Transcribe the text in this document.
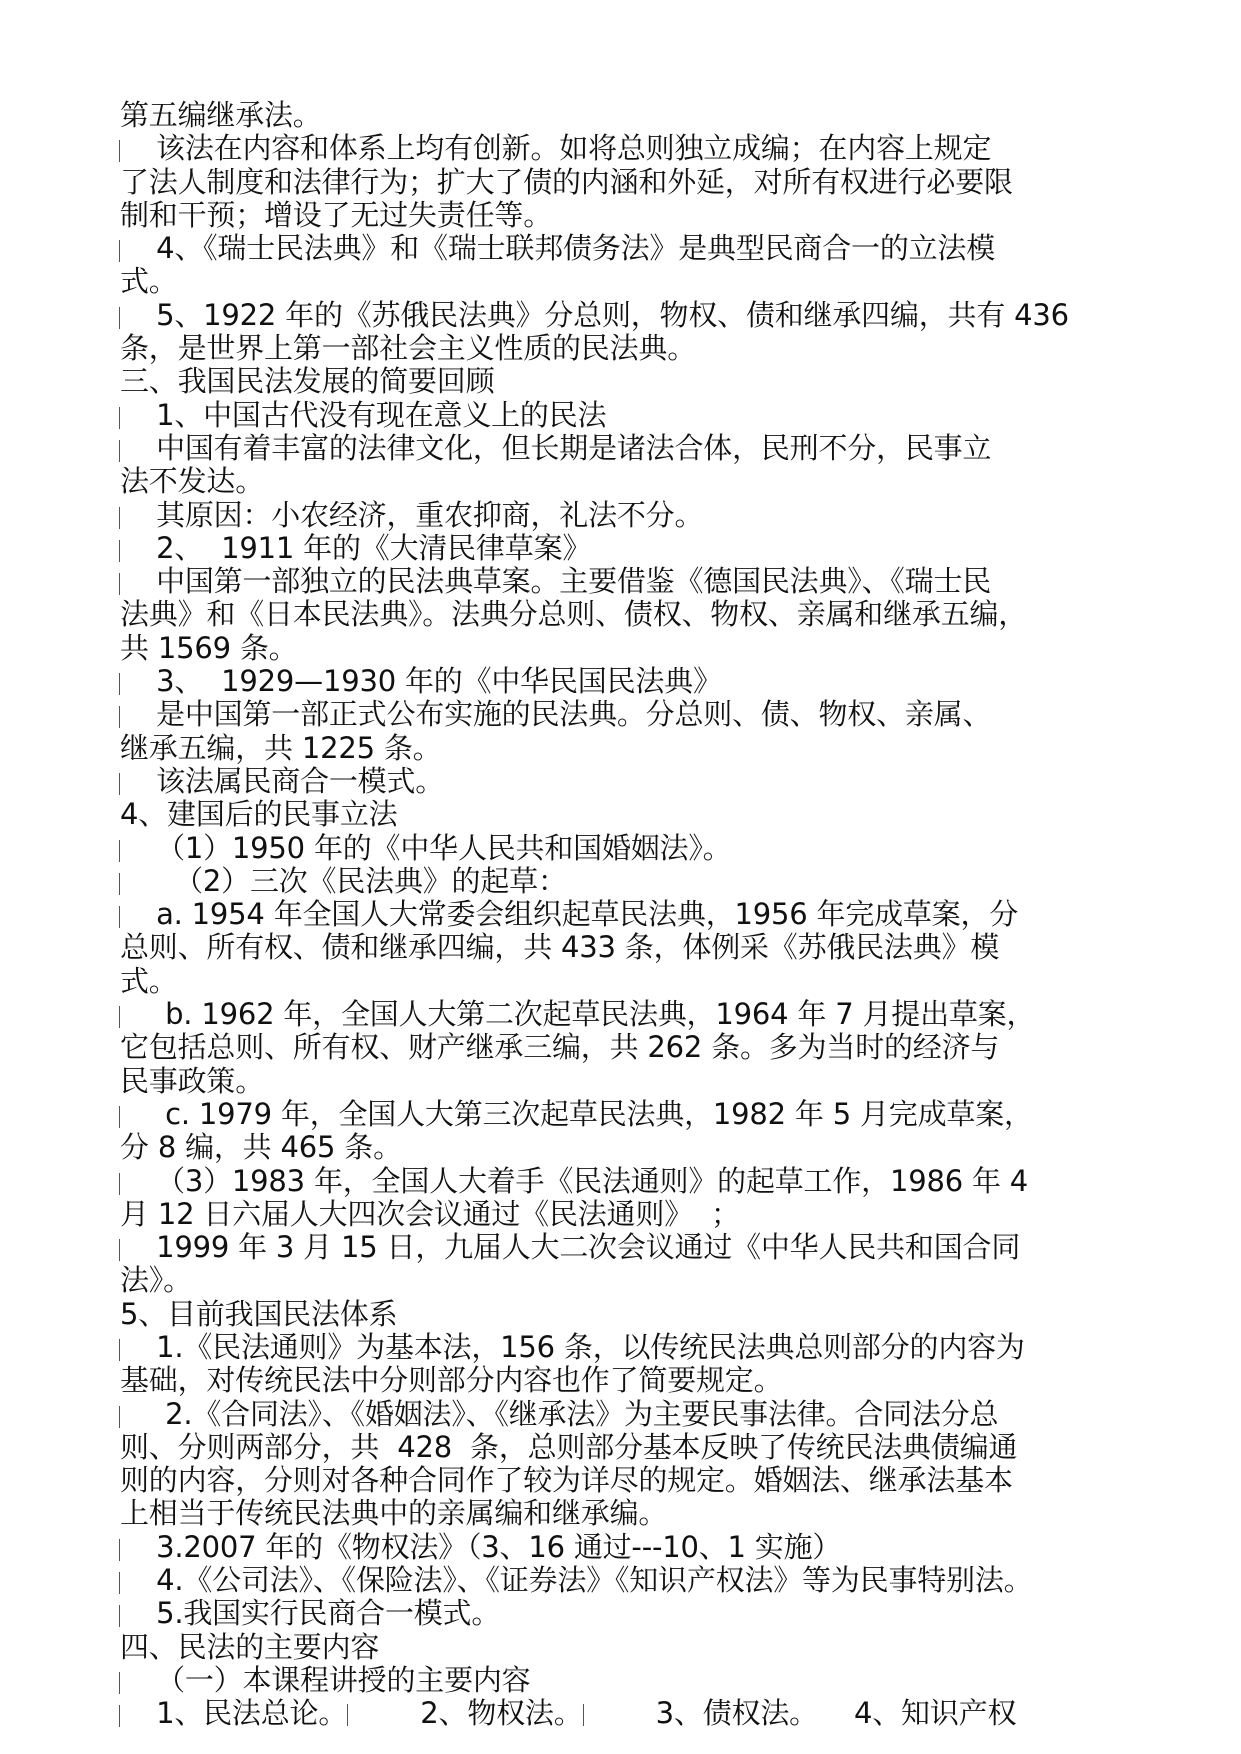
第五编继承法。
该法在内容和体系上均有创新。如将总则独立成编；在内容上规定
了法人制度和法律行为；扩大了债的内涵和外延，对所有权进行必要限
制和干预；增设了无过失责任等。
4、《瑞士民法典》和《瑞士联邦债务法》是典型民商合一的立法模
式。
5、1922 年的《苏俄民法典》分总则，物权、债和继承四编，共有 436
条，是世界上第一部社会主义性质的民法典。
三、我国民法发展的简要回顾
1、中国古代没有现在意义上的民法
中国有着丰富的法律文化，但长期是诸法合体，民刑不分，民事立
法不发达。
其原因：小农经济，重农抑商，礼法不分。
2、  1911 年的《大清民律草案》
中国第一部独立的民法典草案。主要借鉴《德国民法典》、《瑞士民
法典》和《日本民法典》。法典分总则、债权、物权、亲属和继承五编，
共 1569 条。
3、  1929—1930 年的《中华民国民法典》
是中国第一部正式公布实施的民法典。分总则、债、物权、亲属、
继承五编，共 1225 条。
该法属民商合一模式。
4、建国后的民事立法
（1）1950 年的《中华人民共和国婚姻法》。
（2）三次《民法典》的起草：
a. 1954 年全国人大常委会组织起草民法典，1956 年完成草案，分
总则、所有权、债和继承四编，共 433 条，体例采《苏俄民法典》模
式。
b. 1962 年，全国人大第二次起草民法典，1964 年 7 月提出草案，
它包括总则、所有权、财产继承三编，共 262 条。多为当时的经济与
民事政策。
c. 1979 年，全国人大第三次起草民法典，1982 年 5 月完成草案，
分 8 编，共 465 条。
（3）1983 年，全国人大着手《民法通则》的起草工作，1986 年 4
月 12 日六届人大四次会议通过《民法通则》  ；
1999 年 3 月 15 日，九届人大二次会议通过《中华人民共和国合同
法》。
5、目前我国民法体系
1.《民法通则》为基本法，156 条，以传统民法典总则部分的内容为
基础，对传统民法中分则部分内容也作了简要规定。
2.《合同法》、《婚姻法》、《继承法》为主要民事法律。合同法分总
则、分则两部分，共  428  条，总则部分基本反映了传统民法典债编通
则的内容，分则对各种合同作了较为详尽的规定。婚姻法、继承法基本
上相当于传统民法典中的亲属编和继承编。
3.2007 年的《物权法》（3、16 通过---10、1 实施）
4.《公司法》、《保险法》、《证券法》《知识产权法》等为民事特别法。
5.我国实行民商合一模式。
四、民法的主要内容
（一）本课程讲授的主要内容
1、民法总论。        2、物权法。        3、债权法。    4、知识产权
